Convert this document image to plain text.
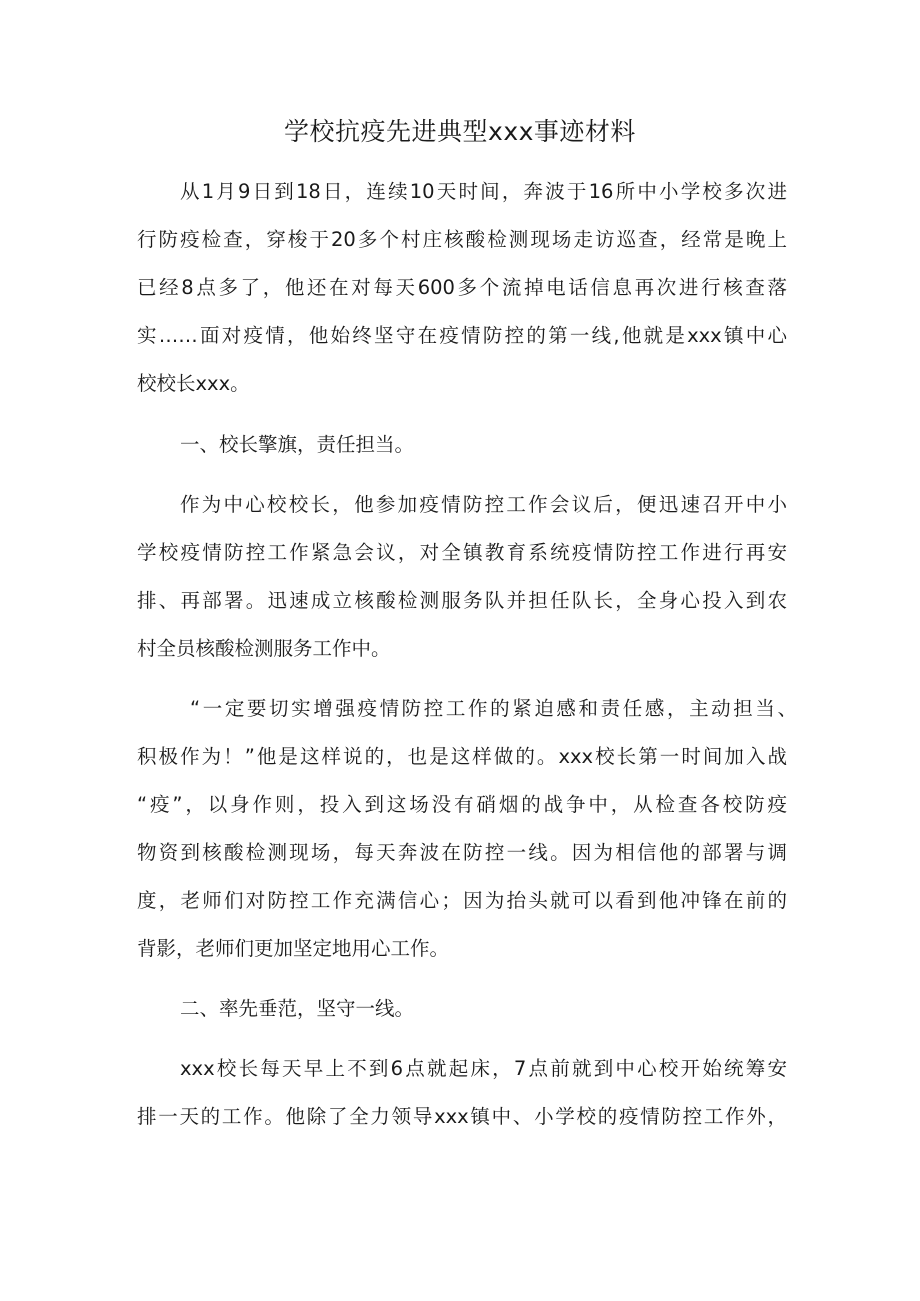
学校抗疫先进典型xxx事迹材料
从1月9日到18日，连续10天时间，奔波于16所中小学校多次进
行防疫检查，穿梭于20多个村庄核酸检测现场走访巡查，经常是晚上
已经8点多了，他还在对每天600多个流掉电话信息再次进行核查落
实……面对疫情，他始终坚守在疫情防控的第一线,他就是xxx镇中心
校校长xxx。
一、校长擎旗，责任担当。
作为中心校校长，他参加疫情防控工作会议后，便迅速召开中小
学校疫情防控工作紧急会议，对全镇教育系统疫情防控工作进行再安
排、再部署。迅速成立核酸检测服务队并担任队长，全身心投入到农
村全员核酸检测服务工作中。
“一定要切实增强疫情防控工作的紧迫感和责任感，主动担当、
积极作为！”他是这样说的，也是这样做的。xxx校长第一时间加入战
“疫”，以身作则，投入到这场没有硝烟的战争中，从检查各校防疫
物资到核酸检测现场，每天奔波在防控一线。因为相信他的部署与调
度，老师们对防控工作充满信心；因为抬头就可以看到他冲锋在前的
背影，老师们更加坚定地用心工作。
二、率先垂范，坚守一线。
xxx校长每天早上不到6点就起床，7点前就到中心校开始统筹安
排一天的工作。他除了全力领导xxx镇中、小学校的疫情防控工作外，
